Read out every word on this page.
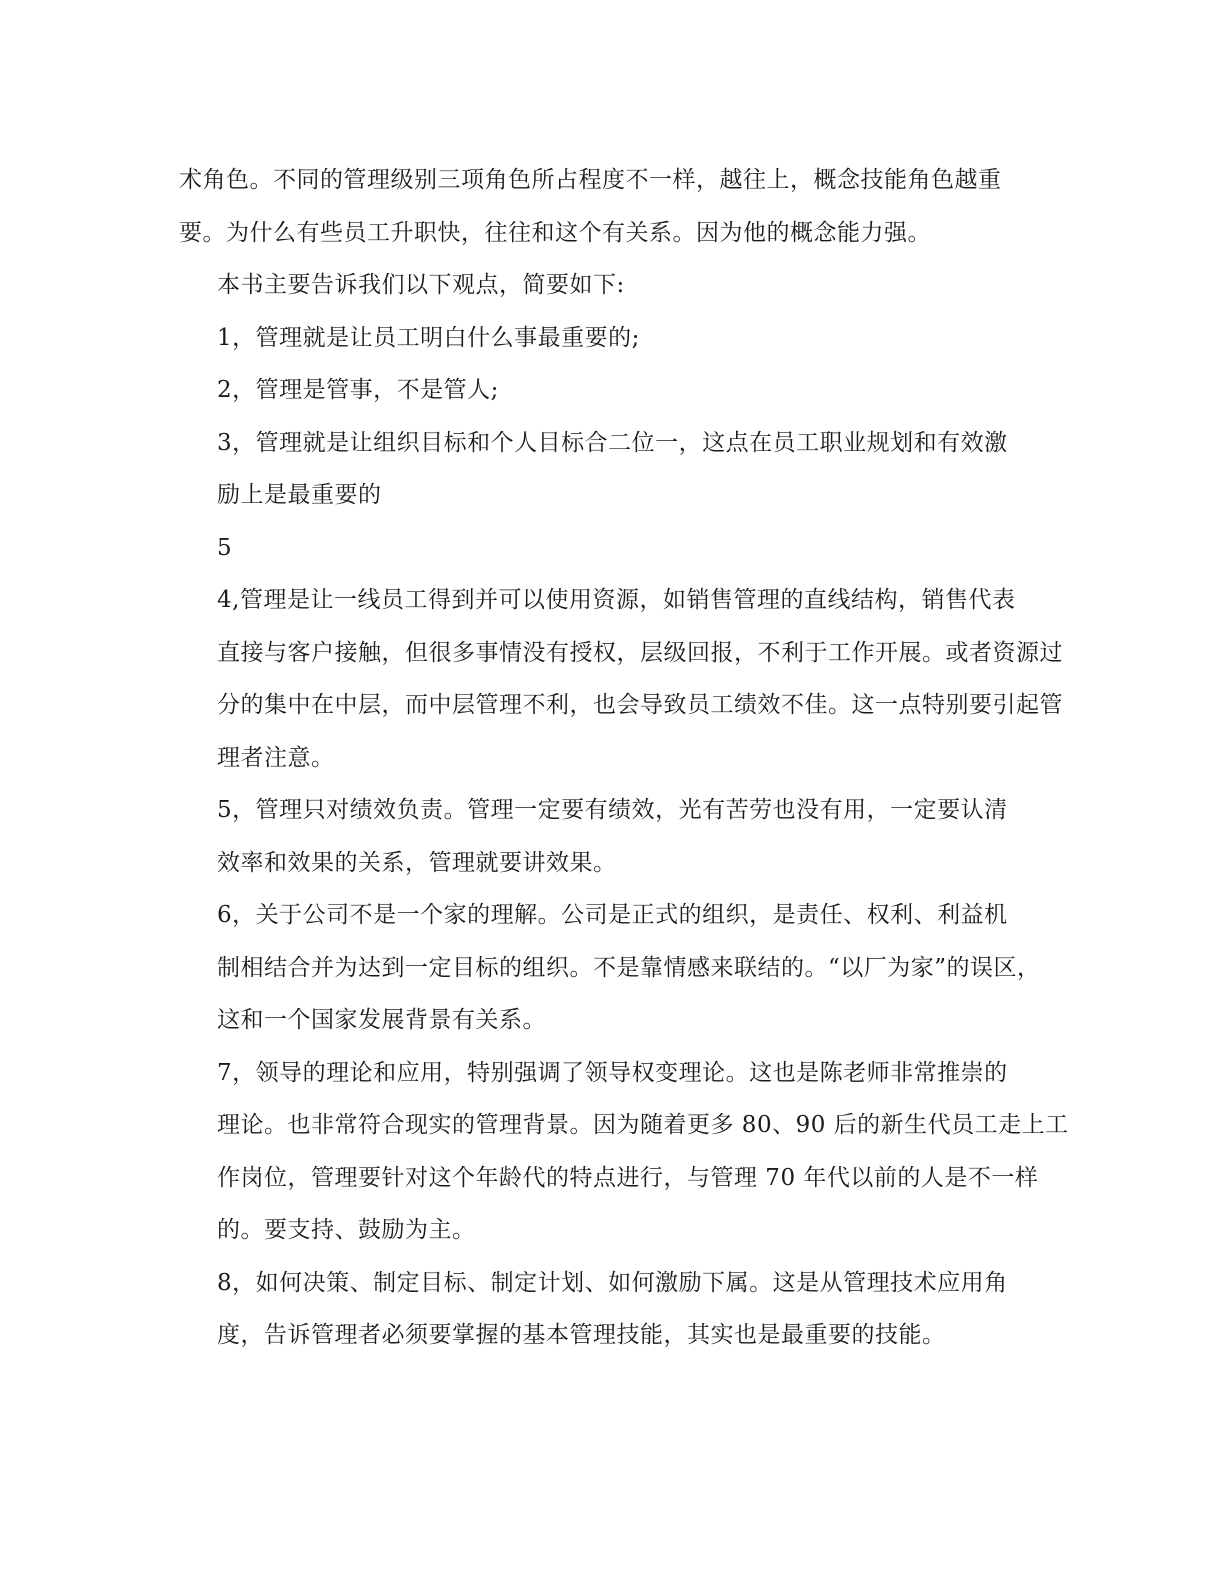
术角色。不同的管理级别三项角色所占程度不一样，越往上，概念技能角色越重
要。为什么有些员工升职快，往往和这个有关系。因为他的概念能力强。

本书主要告诉我们以下观点，简要如下:

1，管理就是让员工明白什么事最重要的;

2，管理是管事，不是管人;

3，管理就是让组织目标和个人目标合二位一，这点在员工职业规划和有效激
励上是最重要的

5

4,管理是让一线员工得到并可以使用资源，如销售管理的直线结构，销售代表
直接与客户接触，但很多事情没有授权，层级回报，不利于工作开展。或者资源过
分的集中在中层，而中层管理不利，也会导致员工绩效不佳。这一点特别要引起管
理者注意。

5，管理只对绩效负责。管理一定要有绩效，光有苦劳也没有用，一定要认清
效率和效果的关系，管理就要讲效果。

6，关于公司不是一个家的理解。公司是正式的组织，是责任、权利、利益机
制相结合并为达到一定目标的组织。不是靠情感来联结的。“以厂为家”的误区，
这和一个国家发展背景有关系。

7，领导的理论和应用，特别强调了领导权变理论。这也是陈老师非常推崇的
理论。也非常符合现实的管理背景。因为随着更多 80、90 后的新生代员工走上工
作岗位，管理要针对这个年龄代的特点进行，与管理 70 年代以前的人是不一样
的。要支持、鼓励为主。

8，如何决策、制定目标、制定计划、如何激励下属。这是从管理技术应用角
度，告诉管理者必须要掌握的基本管理技能，其实也是最重要的技能。
